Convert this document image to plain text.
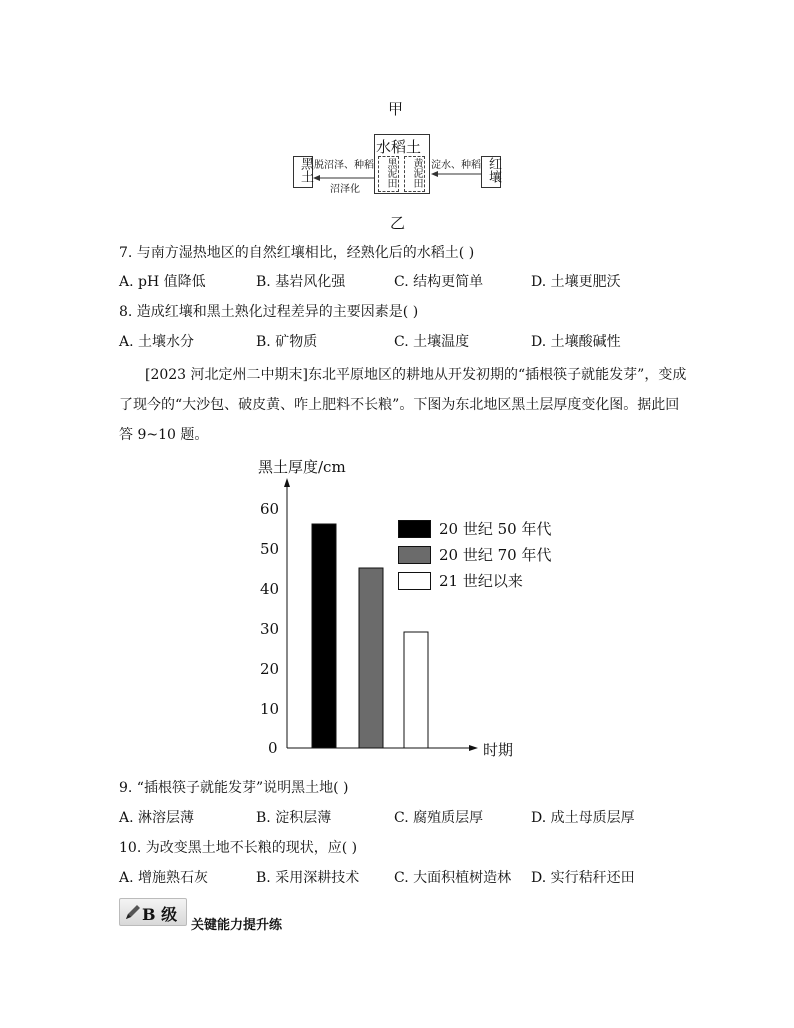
甲
水稻土
黑泥田 黄泥田
黑土	红壤
脱沼泽、种稻
沼泽化
淀水、种稻
乙
7. 与南方湿热地区的自然红壤相比，经熟化后的水稻土( )
A. pH 值降低	B. 基岩风化强	C. 结构更简单	D. 土壤更肥沃
8. 造成红壤和黑土熟化过程差异的主要因素是( )
A. 土壤水分	B. 矿物质	C. 土壤温度	D. 土壤酸碱性
[2023 河北定州二中期末]东北平原地区的耕地从开发初期的“插根筷子就能发芽”，变成
了现今的“大沙包、破皮黄、咋上肥料不长粮”。下图为东北地区黑土层厚度变化图。据此回
答 9~10 题。
黑土厚度/cm
时期
0
10
20
30
40
50
60
20 世纪 50 年代
20 世纪 70 年代
21 世纪以来
9. “插根筷子就能发芽”说明黑土地( )
A. 淋溶层薄	B. 淀积层薄	C. 腐殖质层厚	D. 成土母质层厚
10. 为改变黑土地不长粮的现状，应( )
A. 增施熟石灰	B. 采用深耕技术 C. 大面积植树造林 D. 实行秸秆还田
B 级
关键能力提升练
